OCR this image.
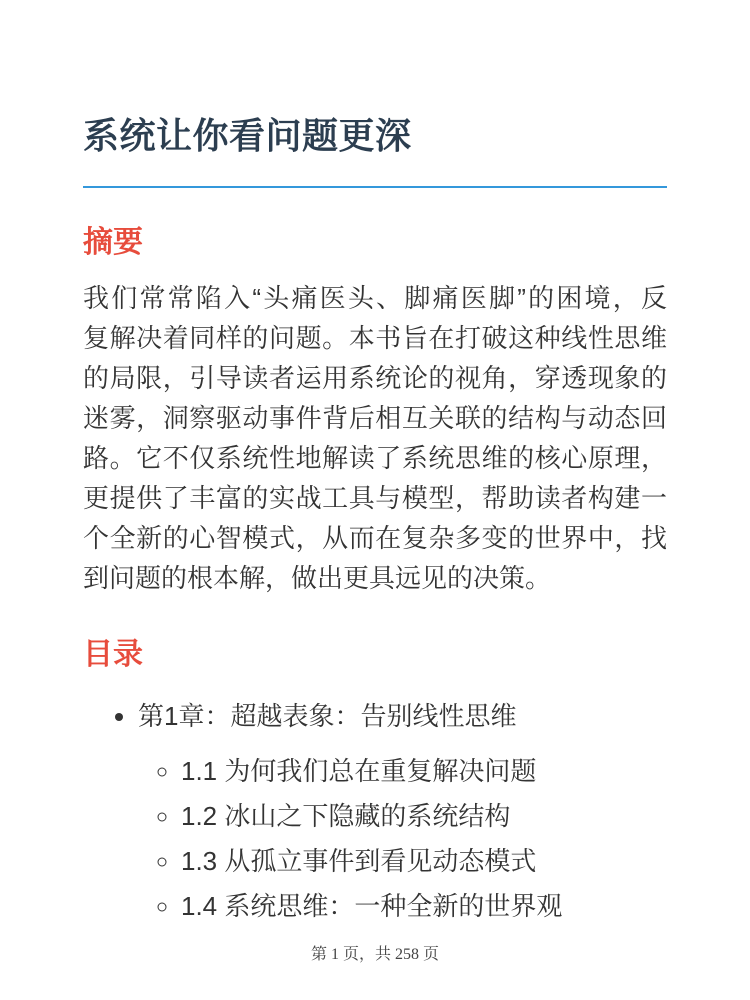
系统让你看问题更深
摘要
我们常常陷入“头痛医头、脚痛医脚”的困境，反
复解决着同样的问题。本书旨在打破这种线性思维
的局限，引导读者运用系统论的视角，穿透现象的
迷雾，洞察驱动事件背后相互关联的结构与动态回
路。它不仅系统性地解读了系统思维的核心原理，
更提供了丰富的实战工具与模型，帮助读者构建一
个全新的心智模式，从而在复杂多变的世界中，找
到问题的根本解，做出更具远见的决策。
目录
• 第1章：超越表象：告别线性思维
◦ 1.1 为何我们总在重复解决问题
◦ 1.2 冰山之下隐藏的系统结构
◦ 1.3 从孤立事件到看见动态模式
◦ 1.4 系统思维：一种全新的世界观
第 1 页，共 258 页
